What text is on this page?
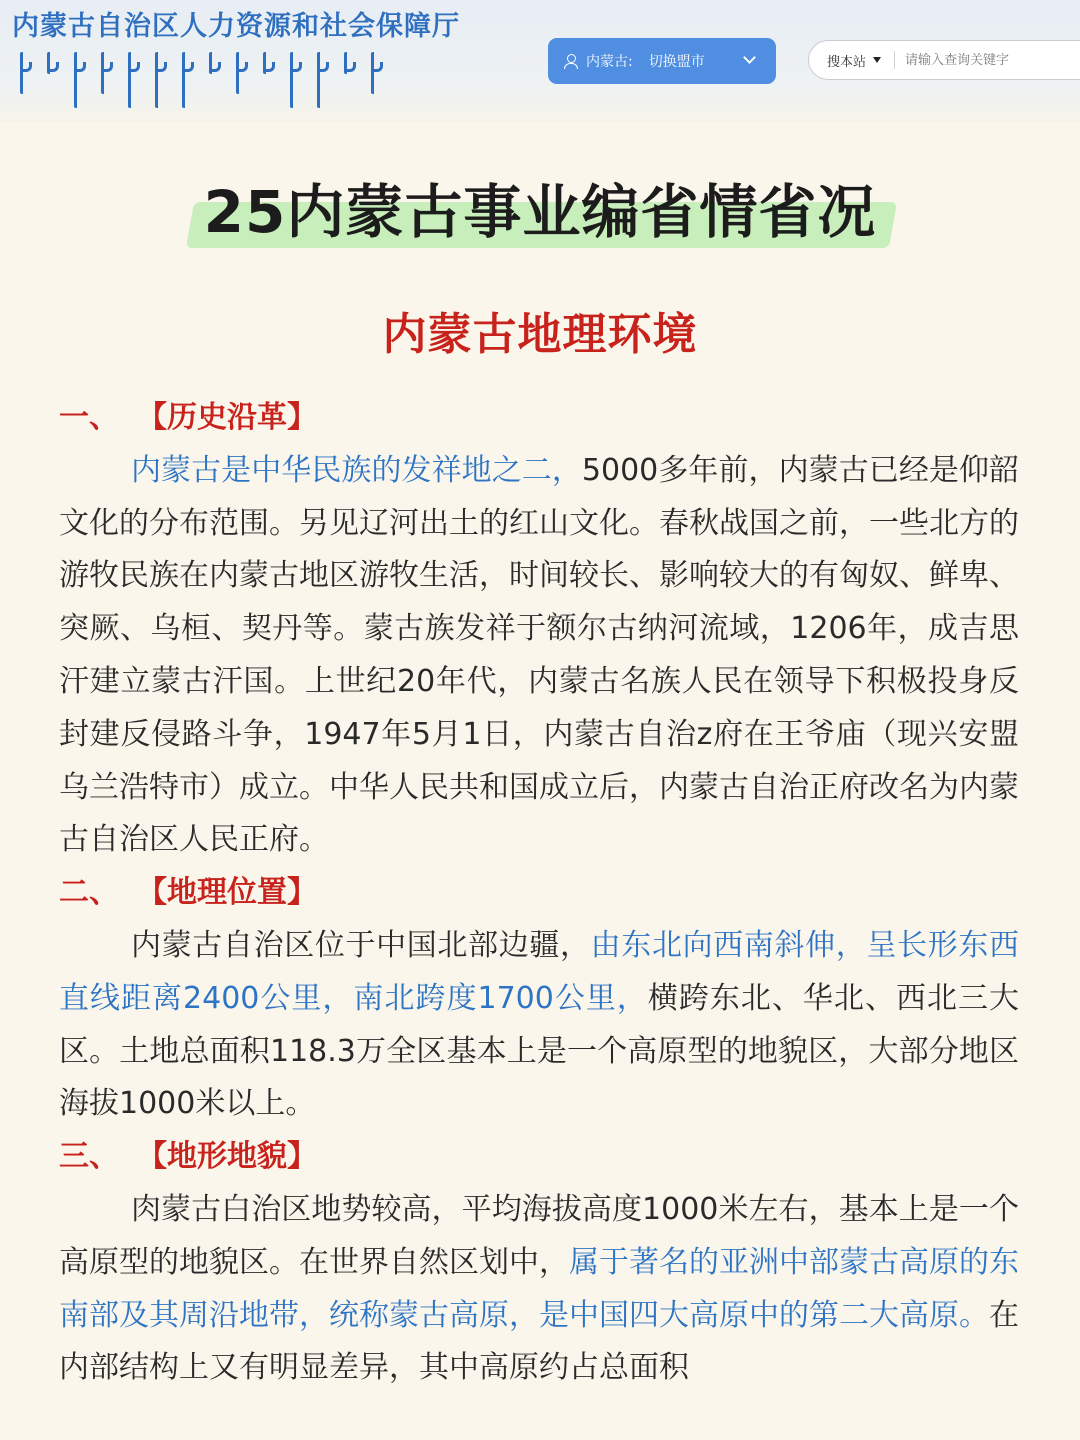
内蒙古自治区人力资源和社会保障厅
内蒙古: 切换盟市	搜本站
请输入查询关键字
25内蒙古事业编省情省况
内蒙古地理环境

一、 【历史沿革】

内蒙古是中华民族的发祥地之二，5000多年前，内蒙古已经是仰韶文化的分布范围。另见辽河出土的红山文化。春秋战国之前，一些北方的游牧民族在内蒙古地区游牧生活，时间较长、影响较大的有匈奴、鲜卑、突厥、乌桓、契丹等。蒙古族发祥于额尔古纳河流域，1206年，成吉思汗建立蒙古汗国。上世纪20年代，内蒙古名族人民在领导下积极投身反封建反侵路斗争，1947年5月1日，内蒙古自治z府在王爷庙（现兴安盟乌兰浩特市）成立。中华人民共和国成立后，内蒙古自治正府改名为内蒙古自治区人民正府。

二、 【地理位置】

内蒙古自治区位于中国北部边疆，由东北向西南斜伸，呈长形东西直线距离2400公里，南北跨度1700公里，横跨东北、华北、西北三大区。土地总面积118.3万全区基本上是一个高原型的地貌区，大部分地区海拔1000米以上。

三、 【地形地貌】

肉蒙古白治区地势较高，平均海拔高度1000米左右，基本上是一个高原型的地貌区。在世界自然区划中，属于著名的亚洲中部蒙古高原的东南部及其周沿地带，统称蒙古高原，是中国四大高原中的第二大高原。在内部结构上又有明显差异，其中高原约占总面积
